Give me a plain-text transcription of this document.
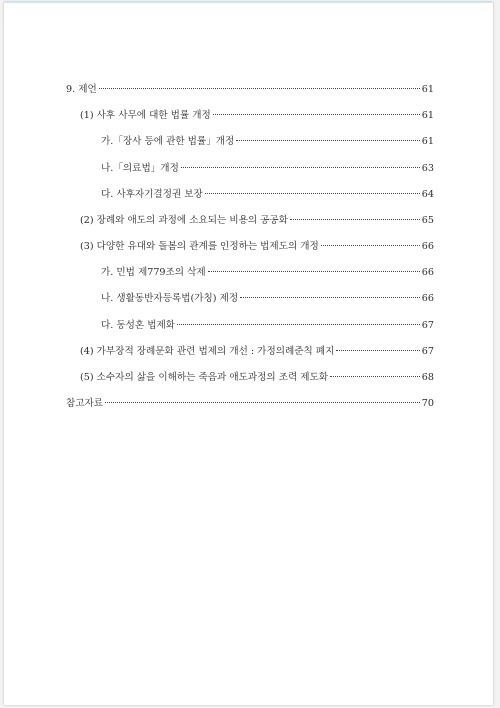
9. 제언	61
(1) 사후 사무에 대한 법률 개정	61
가.「장사 등에 관한 법률」개정	61
나.「의료법」개정	63
다. 사후자기결정권 보장	64
(2) 장례와 애도의 과정에 소요되는 비용의 공공화	65
(3) 다양한 유대와 돌봄의 관계를 인정하는 법제도의 개정	66
가. 민법 제779조의 삭제	66
나. 생활동반자등록법(가칭) 제정	66
다. 동성혼 법제화	67
(4) 가부장적 장례문화 관련 법제의 개선 : 가정의례준칙 폐지	67
(5) 소수자의 삶을 이해하는 죽음과 애도과정의 조력 제도화	68
참고자료	70
